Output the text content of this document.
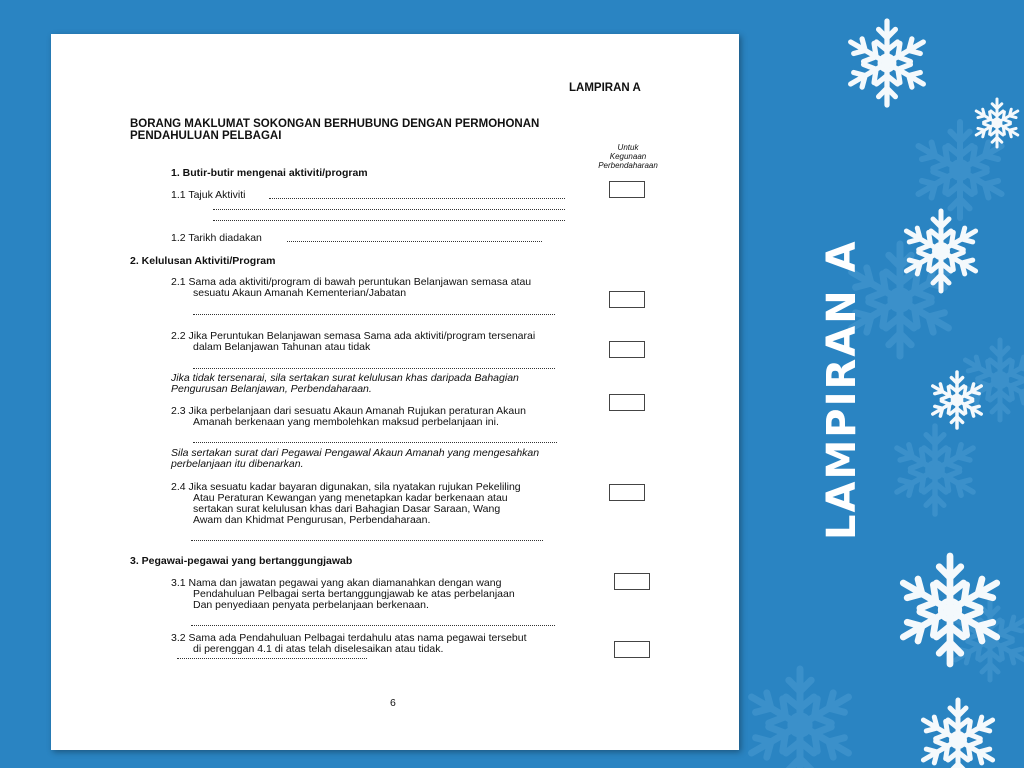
LAMPIRAN A
LAMPIRAN A
BORANG MAKLUMAT SOKONGAN BERHUBUNG DENGAN PERMOHONAN
PENDAHULUAN PELBAGAI
Untuk
Kegunaan
Perbendaharaan
1. Butir-butir mengenai aktiviti/program
1.1 Tajuk Aktiviti
1.2 Tarikh diadakan
2. Kelulusan Aktiviti/Program
2.1 Sama ada aktiviti/program di bawah peruntukan Belanjawan semasa atau
sesuatu Akaun Amanah Kementerian/Jabatan
2.2 Jika Peruntukan Belanjawan semasa Sama ada aktiviti/program tersenarai
dalam Belanjawan Tahunan atau tidak
Jika tidak tersenarai, sila sertakan surat kelulusan khas daripada Bahagian
Pengurusan Belanjawan, Perbendaharaan.
2.3 Jika perbelanjaan dari sesuatu Akaun Amanah Rujukan peraturan Akaun
Amanah berkenaan yang membolehkan maksud perbelanjaan ini.
Sila sertakan surat dari Pegawai Pengawal Akaun Amanah yang mengesahkan
perbelanjaan itu dibenarkan.
2.4 Jika sesuatu kadar bayaran digunakan, sila nyatakan rujukan Pekeliling
Atau Peraturan Kewangan yang menetapkan kadar berkenaan atau
sertakan surat kelulusan khas dari Bahagian Dasar Saraan, Wang
Awam dan Khidmat Pengurusan, Perbendaharaan.
3. Pegawai-pegawai yang bertanggungjawab
3.1 Nama dan jawatan pegawai yang akan diamanahkan dengan wang
Pendahuluan Pelbagai serta bertanggungjawab ke atas perbelanjaan
Dan penyediaan penyata perbelanjaan berkenaan.
3.2 Sama ada Pendahuluan Pelbagai terdahulu atas nama pegawai tersebut
di perenggan 4.1 di atas telah diselesaikan atau tidak.
6
